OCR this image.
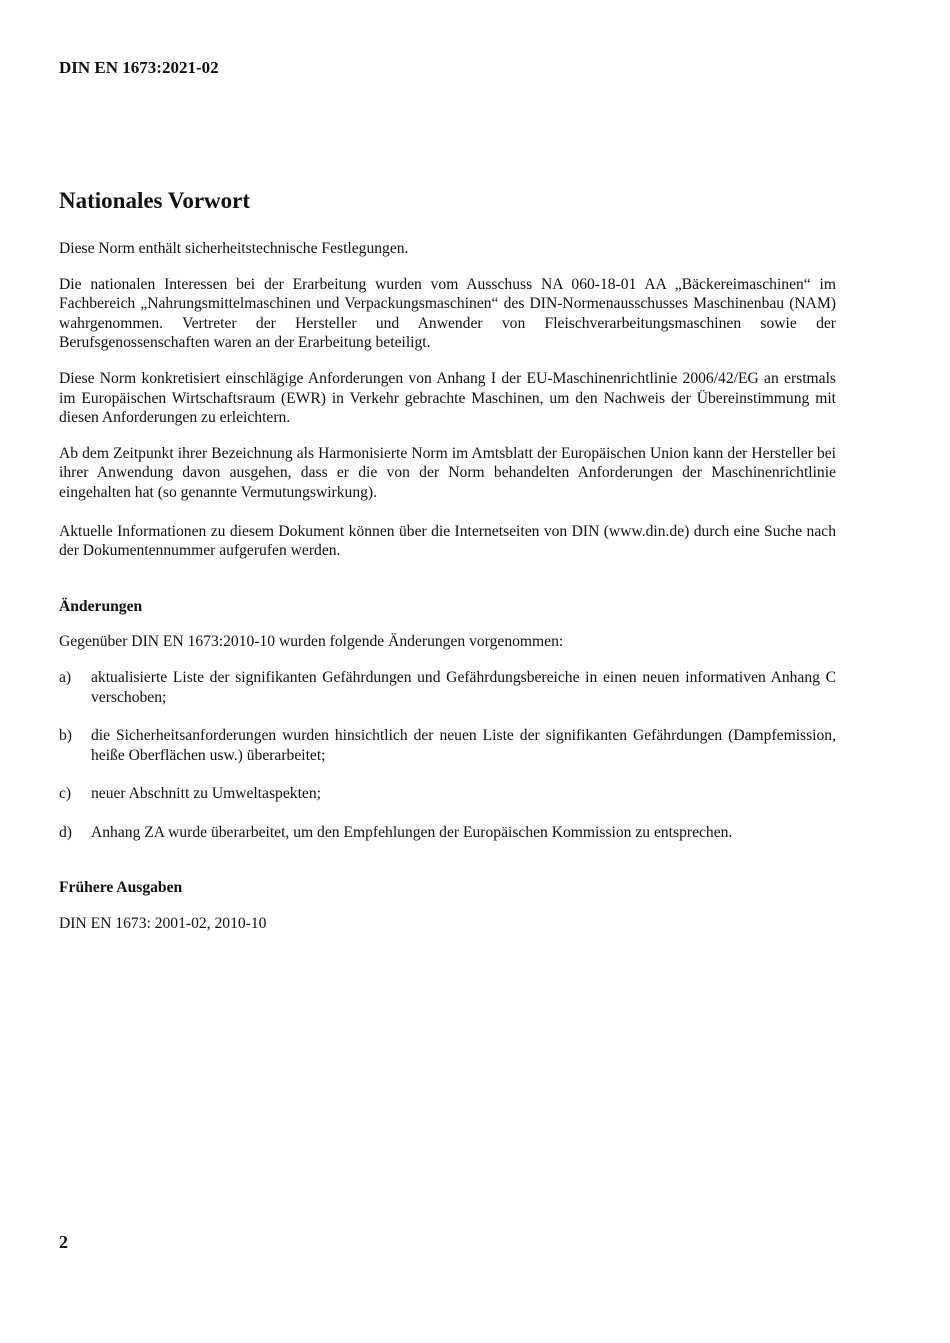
DIN EN 1673:2021-02

Nationales Vorwort

Diese Norm enthält sicherheitstechnische Festlegungen.

Die nationalen Interessen bei der Erarbeitung wurden vom Ausschuss NA 060-18-01 AA „Bäckereimaschinen“ im Fachbereich „Nahrungsmittelmaschinen und Verpackungsmaschinen“ des DIN-Normenausschusses Maschinenbau (NAM) wahrgenommen. Vertreter der Hersteller und Anwender von Fleischverarbeitungsmaschinen sowie der Berufsgenossenschaften waren an der Erarbeitung beteiligt.

Diese Norm konkretisiert einschlägige Anforderungen von Anhang I der EU-Maschinenrichtlinie 2006/42/EG an erstmals im Europäischen Wirtschaftsraum (EWR) in Verkehr gebrachte Maschinen, um den Nachweis der Übereinstimmung mit diesen Anforderungen zu erleichtern.

Ab dem Zeitpunkt ihrer Bezeichnung als Harmonisierte Norm im Amtsblatt der Europäischen Union kann der Hersteller bei ihrer Anwendung davon ausgehen, dass er die von der Norm behandelten Anforderungen der Maschinenrichtlinie eingehalten hat (so genannte Vermutungswirkung).

Aktuelle Informationen zu diesem Dokument können über die Internetseiten von DIN (www.din.de) durch eine Suche nach der Dokumentennummer aufgerufen werden.

Änderungen

Gegenüber DIN EN 1673:2010-10 wurden folgende Änderungen vorgenommen:

a)	aktualisierte Liste der signifikanten Gefährdungen und Gefährdungsbereiche in einen neuen informativen Anhang C verschoben;
b)	die Sicherheitsanforderungen wurden hinsichtlich der neuen Liste der signifikanten Gefährdungen (Dampfemission, heiße Oberflächen usw.) überarbeitet;
c)	neuer Abschnitt zu Umweltaspekten;
d)	Anhang ZA wurde überarbeitet, um den Empfehlungen der Europäischen Kommission zu entsprechen.

Frühere Ausgaben

DIN EN 1673: 2001-02, 2010-10

2
